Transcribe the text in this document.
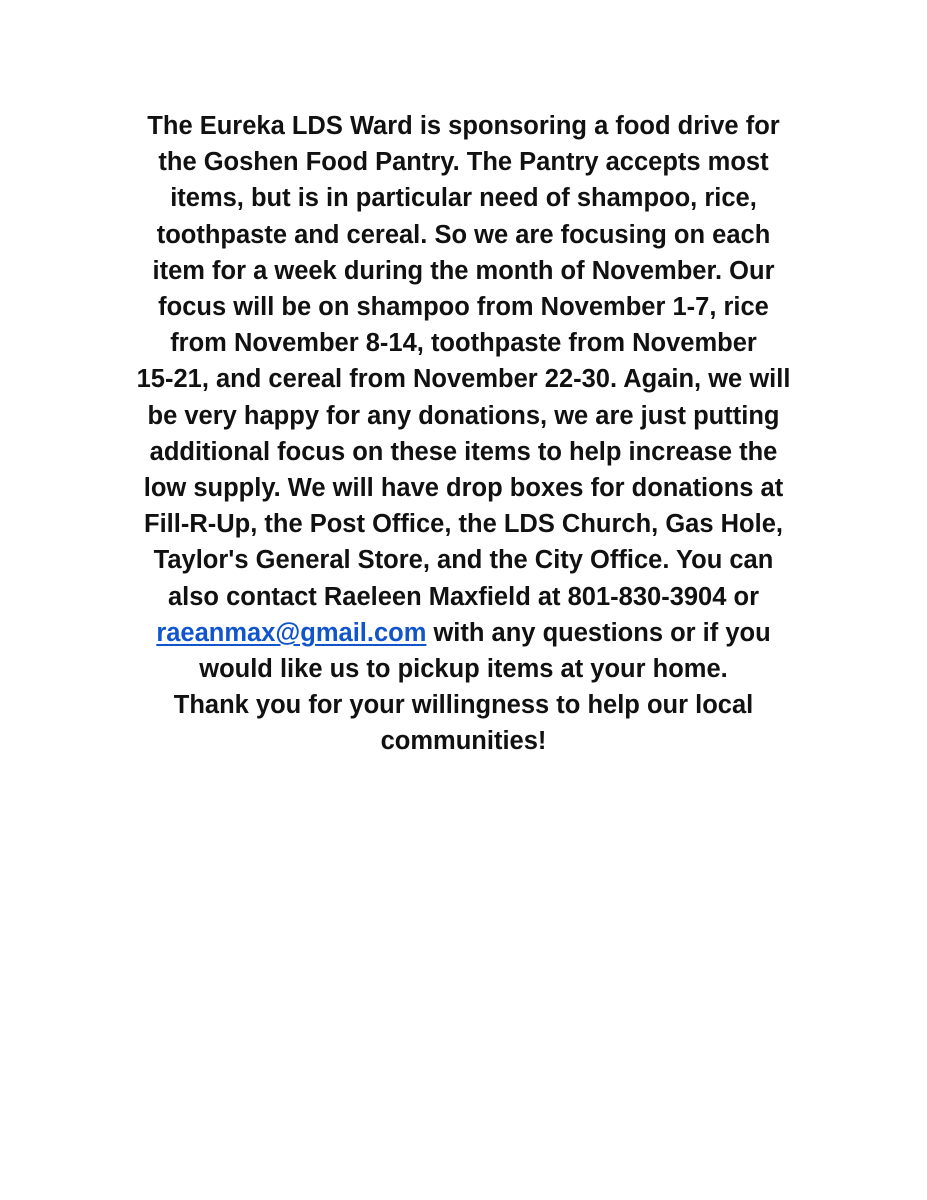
The Eureka LDS Ward is sponsoring a food drive for
the Goshen Food Pantry. The Pantry accepts most
items, but is in particular need of shampoo, rice,
toothpaste and cereal. So we are focusing on each
item for a week during the month of November. Our
focus will be on shampoo from November 1-7, rice
from November 8-14, toothpaste from November
15-21, and cereal from November 22-30. Again, we will
be very happy for any donations, we are just putting
additional focus on these items to help increase the
low supply. We will have drop boxes for donations at
Fill-R-Up, the Post Office, the LDS Church, Gas Hole,
Taylor's General Store, and the City Office. You can
also contact Raeleen Maxfield at 801-830-3904 or
raeanmax@gmail.com with any questions or if you
would like us to pickup items at your home.
Thank you for your willingness to help our local
communities!
